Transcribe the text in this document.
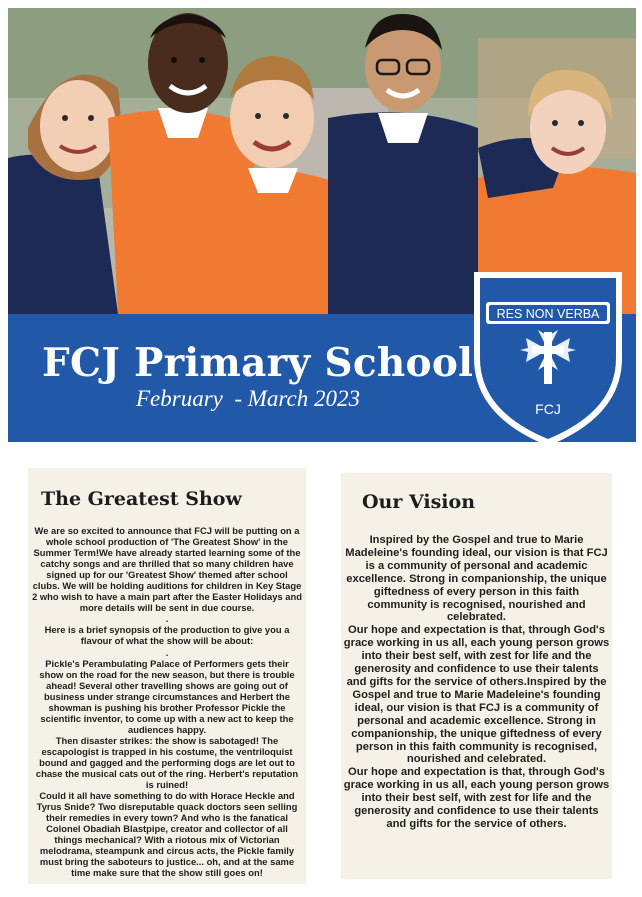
FCJ Primary School
February  - March 2023
RES NON VERBA
FCJ
The Greatest Show

We are so excited to announce that FCJ will be putting on a whole school production of 'The Greatest Show' in the Summer Term!We have already started learning some of the catchy songs and are thrilled that so many children have signed up for our 'Greatest Show' themed after school clubs. We will be holding auditions for children in Key Stage 2 who wish to have a main part after the Easter Holidays and more details will be sent in due course.

.

Here is a brief synopsis of the production to give you a flavour of what the show will be about:

.

Pickle's Perambulating Palace of Performers gets their show on the road for the new season, but there is trouble ahead! Several other travelling shows are going out of business under strange circumstances and Herbert the showman is pushing his brother Professor Pickle the scientific inventor, to come up with a new act to keep the audiences happy.

Then disaster strikes: the show is sabotaged! The escapologist is trapped in his costume, the ventriloquist bound and gagged and the performing dogs are let out to chase the musical cats out of the ring. Herbert's reputation is ruined!

Could it all have something to do with Horace Heckle and Tyrus Snide? Two disreputable quack doctors seen selling their remedies in every town? And who is the fanatical Colonel Obadiah Blastpipe, creator and collector of all things mechanical? With a riotous mix of Victorian melodrama, steampunk and circus acts, the Pickle family must bring the saboteurs to justice... oh, and at the same time make sure that the show still goes on!

Our Vision

Inspired by the Gospel and true to Marie Madeleine's founding ideal, our vision is that FCJ is a community of personal and academic excellence. Strong in companionship, the unique giftedness of every person in this faith community is recognised, nourished and celebrated.

Our hope and expectation is that, through God's grace working in us all, each young person grows into their best self, with zest for life and the generosity and confidence to use their talents and gifts for the service of others.Inspired by the Gospel and true to Marie Madeleine's founding ideal, our vision is that FCJ is a community of personal and academic excellence. Strong in companionship, the unique giftedness of every person in this faith community is recognised, nourished and celebrated.

Our hope and expectation is that, through God's grace working in us all, each young person grows into their best self, with zest for life and the generosity and confidence to use their talents and gifts for the service of others.
